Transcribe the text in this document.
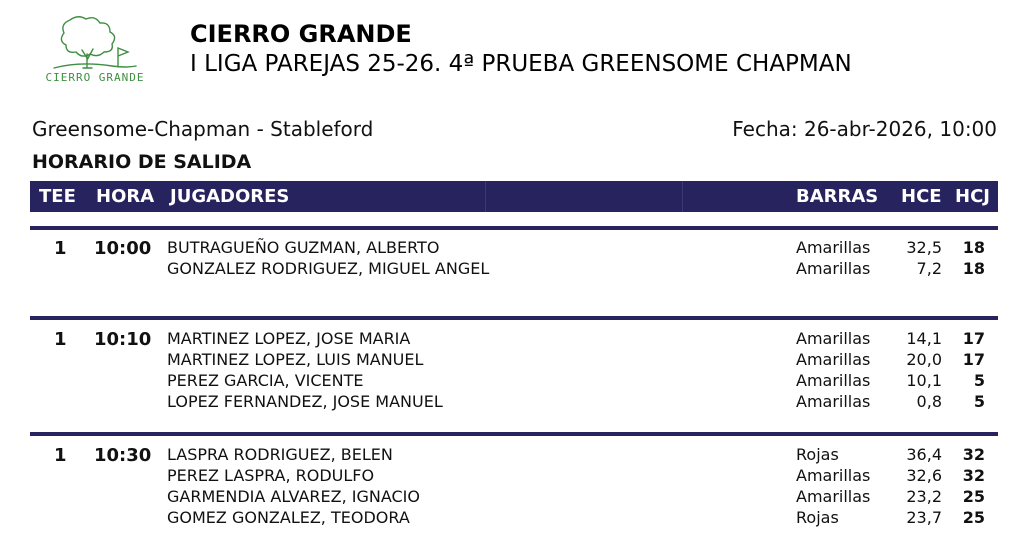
CIERRO GRANDE
CIERRO GRANDE
I LIGA PAREJAS 25-26. 4ª PRUEBA GREENSOME CHAPMAN
Greensome-Chapman - Stableford	Fecha: 26-abr-2026, 10:00
HORARIO DE SALIDA
TEE HORA JUGADORES	BARRAS HCE HCJ
1 10:00 BUTRAGUEÑO GUZMAN, ALBERTO	Amarillas	32,5	18
GONZALEZ RODRIGUEZ, MIGUEL ANGEL	Amarillas	7,2	18
1 10:10 MARTINEZ LOPEZ, JOSE MARIA	Amarillas	14,1	17
MARTINEZ LOPEZ, LUIS MANUEL	Amarillas	20,0	17
PEREZ GARCIA, VICENTE	Amarillas	10,1	5
LOPEZ FERNANDEZ, JOSE MANUEL	Amarillas	0,8	5
1 10:30 LASPRA RODRIGUEZ, BELEN	Rojas	36,4	32
PEREZ LASPRA, RODULFO	Amarillas	32,6	32
GARMENDIA ALVAREZ, IGNACIO	Amarillas	23,2	25
GOMEZ GONZALEZ, TEODORA	Rojas	23,7	25
